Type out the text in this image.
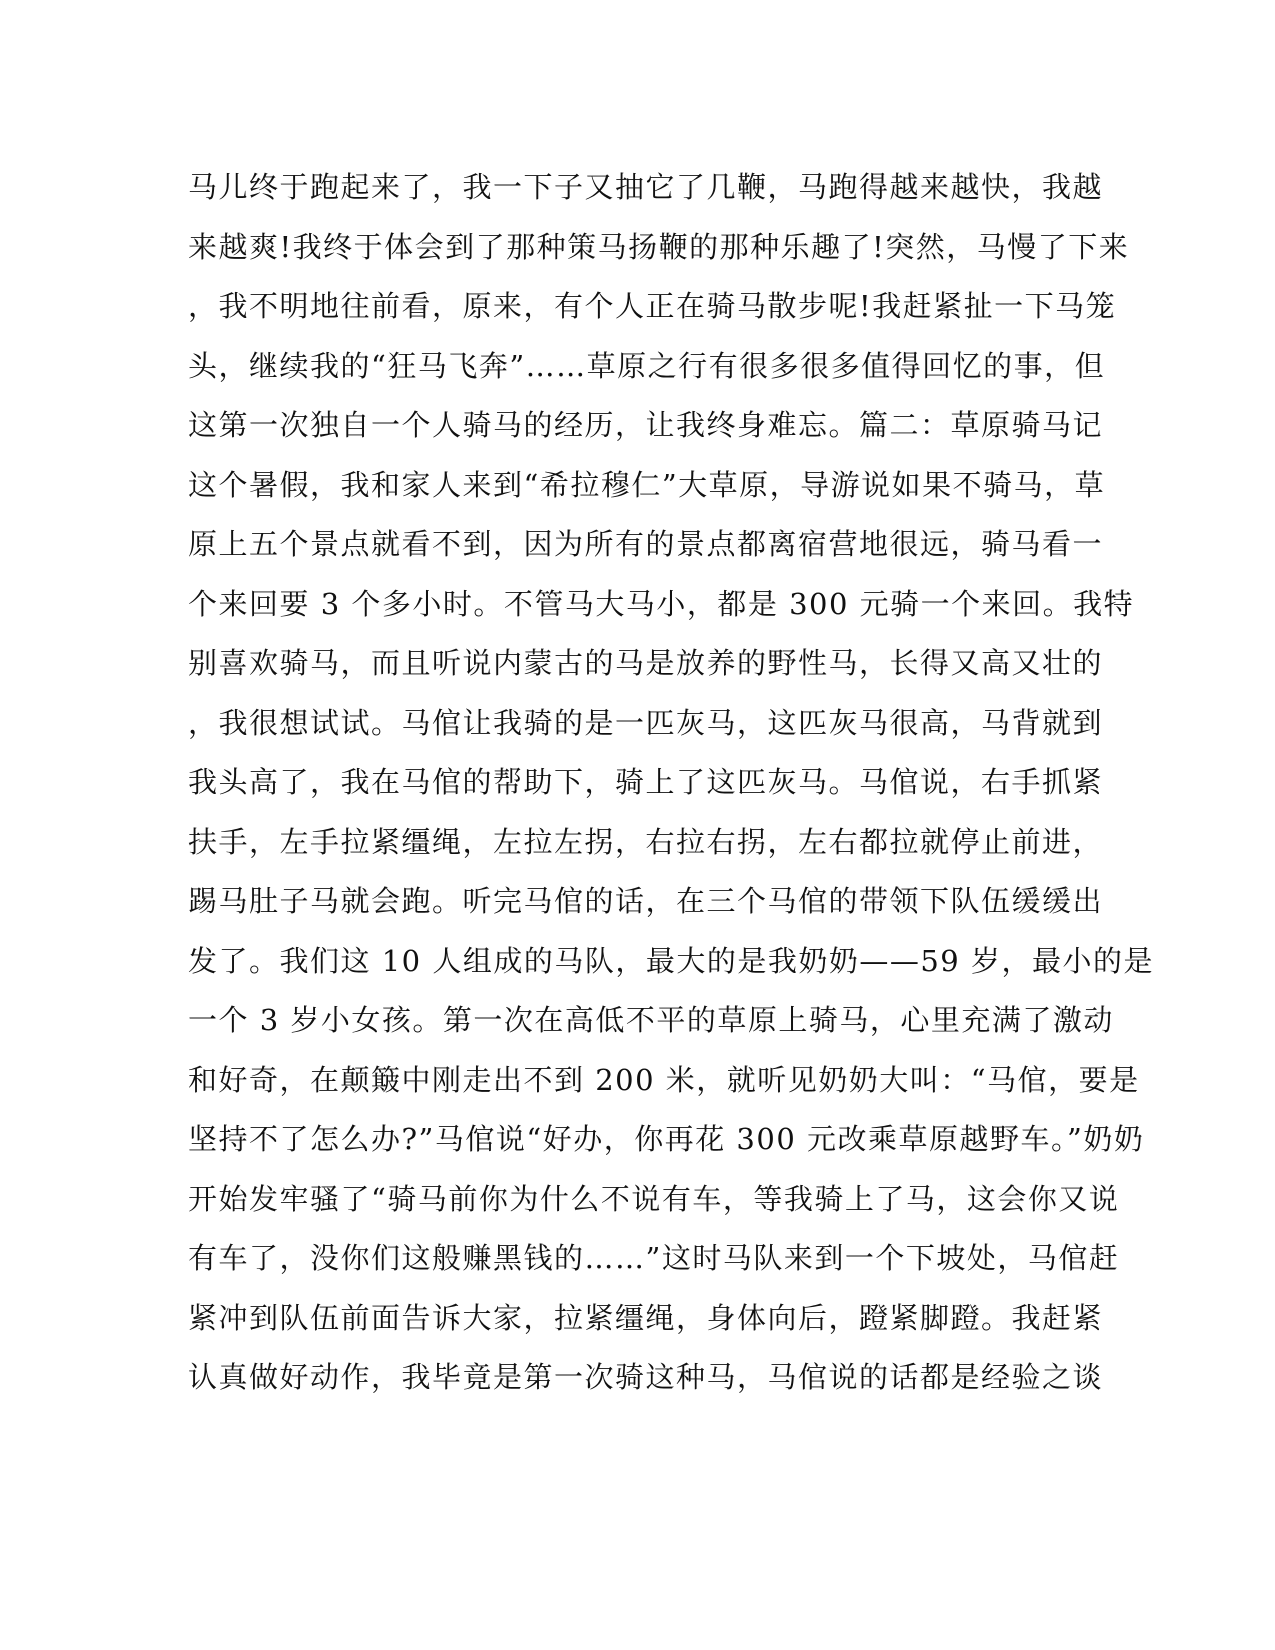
马儿终于跑起来了，我一下子又抽它了几鞭，马跑得越来越快，我越
来越爽!我终于体会到了那种策马扬鞭的那种乐趣了!突然，马慢了下来
，我不明地往前看，原来，有个人正在骑马散步呢!我赶紧扯一下马笼
头，继续我的“狂马飞奔”……草原之行有很多很多值得回忆的事，但
这第一次独自一个人骑马的经历，让我终身难忘。篇二：草原骑马记
这个暑假，我和家人来到“希拉穆仁”大草原，导游说如果不骑马，草
原上五个景点就看不到，因为所有的景点都离宿营地很远，骑马看一
个来回要 3 个多小时。不管马大马小，都是 300 元骑一个来回。我特
别喜欢骑马，而且听说内蒙古的马是放养的野性马，长得又高又壮的
，我很想试试。马倌让我骑的是一匹灰马，这匹灰马很高，马背就到
我头高了，我在马倌的帮助下，骑上了这匹灰马。马倌说，右手抓紧
扶手，左手拉紧缰绳，左拉左拐，右拉右拐，左右都拉就停止前进，
踢马肚子马就会跑。听完马倌的话，在三个马倌的带领下队伍缓缓出
发了。我们这 10 人组成的马队，最大的是我奶奶——59 岁，最小的是
一个 3 岁小女孩。第一次在高低不平的草原上骑马，心里充满了激动
和好奇，在颠簸中刚走出不到 200 米，就听见奶奶大叫：“马倌，要是
坚持不了怎么办?”马倌说“好办，你再花 300 元改乘草原越野车。”奶奶
开始发牢骚了“骑马前你为什么不说有车，等我骑上了马，这会你又说
有车了，没你们这般赚黑钱的……”这时马队来到一个下坡处，马倌赶
紧冲到队伍前面告诉大家，拉紧缰绳，身体向后，蹬紧脚蹬。我赶紧
认真做好动作，我毕竟是第一次骑这种马，马倌说的话都是经验之谈
